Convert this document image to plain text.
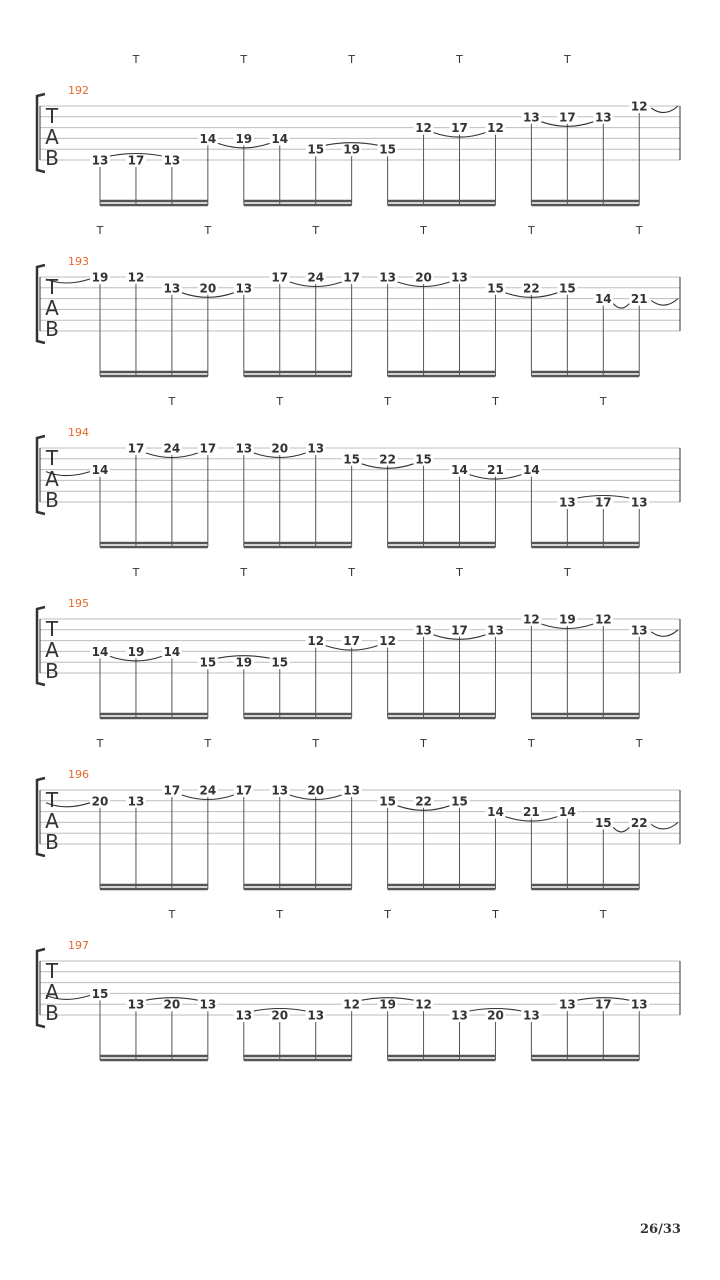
T	T	T	T	T
192
T
A
B	13 17 13
14 19 14
15 19 15
12 17 12
13 17 13
12
T	T	T	T	T	T
193
T
A
B
19 12
13 20 13
17 24 17 13 20 13
15 22 15
14 21
T	T	T	T	T
194
T
A
B
14
17 24 17 13 20 13
15 22 15
14 21 14
13 17 13
T	T	T	T	T
195
T
A
B
14 19 14
15 19 15
12 17 12
13 17 13
12 19 12
13
T	T	T	T	T	T
196
T
A
B
20 13
17 24 17 13 20 13
15 22 15
14 21 14
15 22
T	T	T	T	T
197
T
A
B
15
13 20 13
13 20 13
12 19 12
13 20 13
13 17 13
26/33
